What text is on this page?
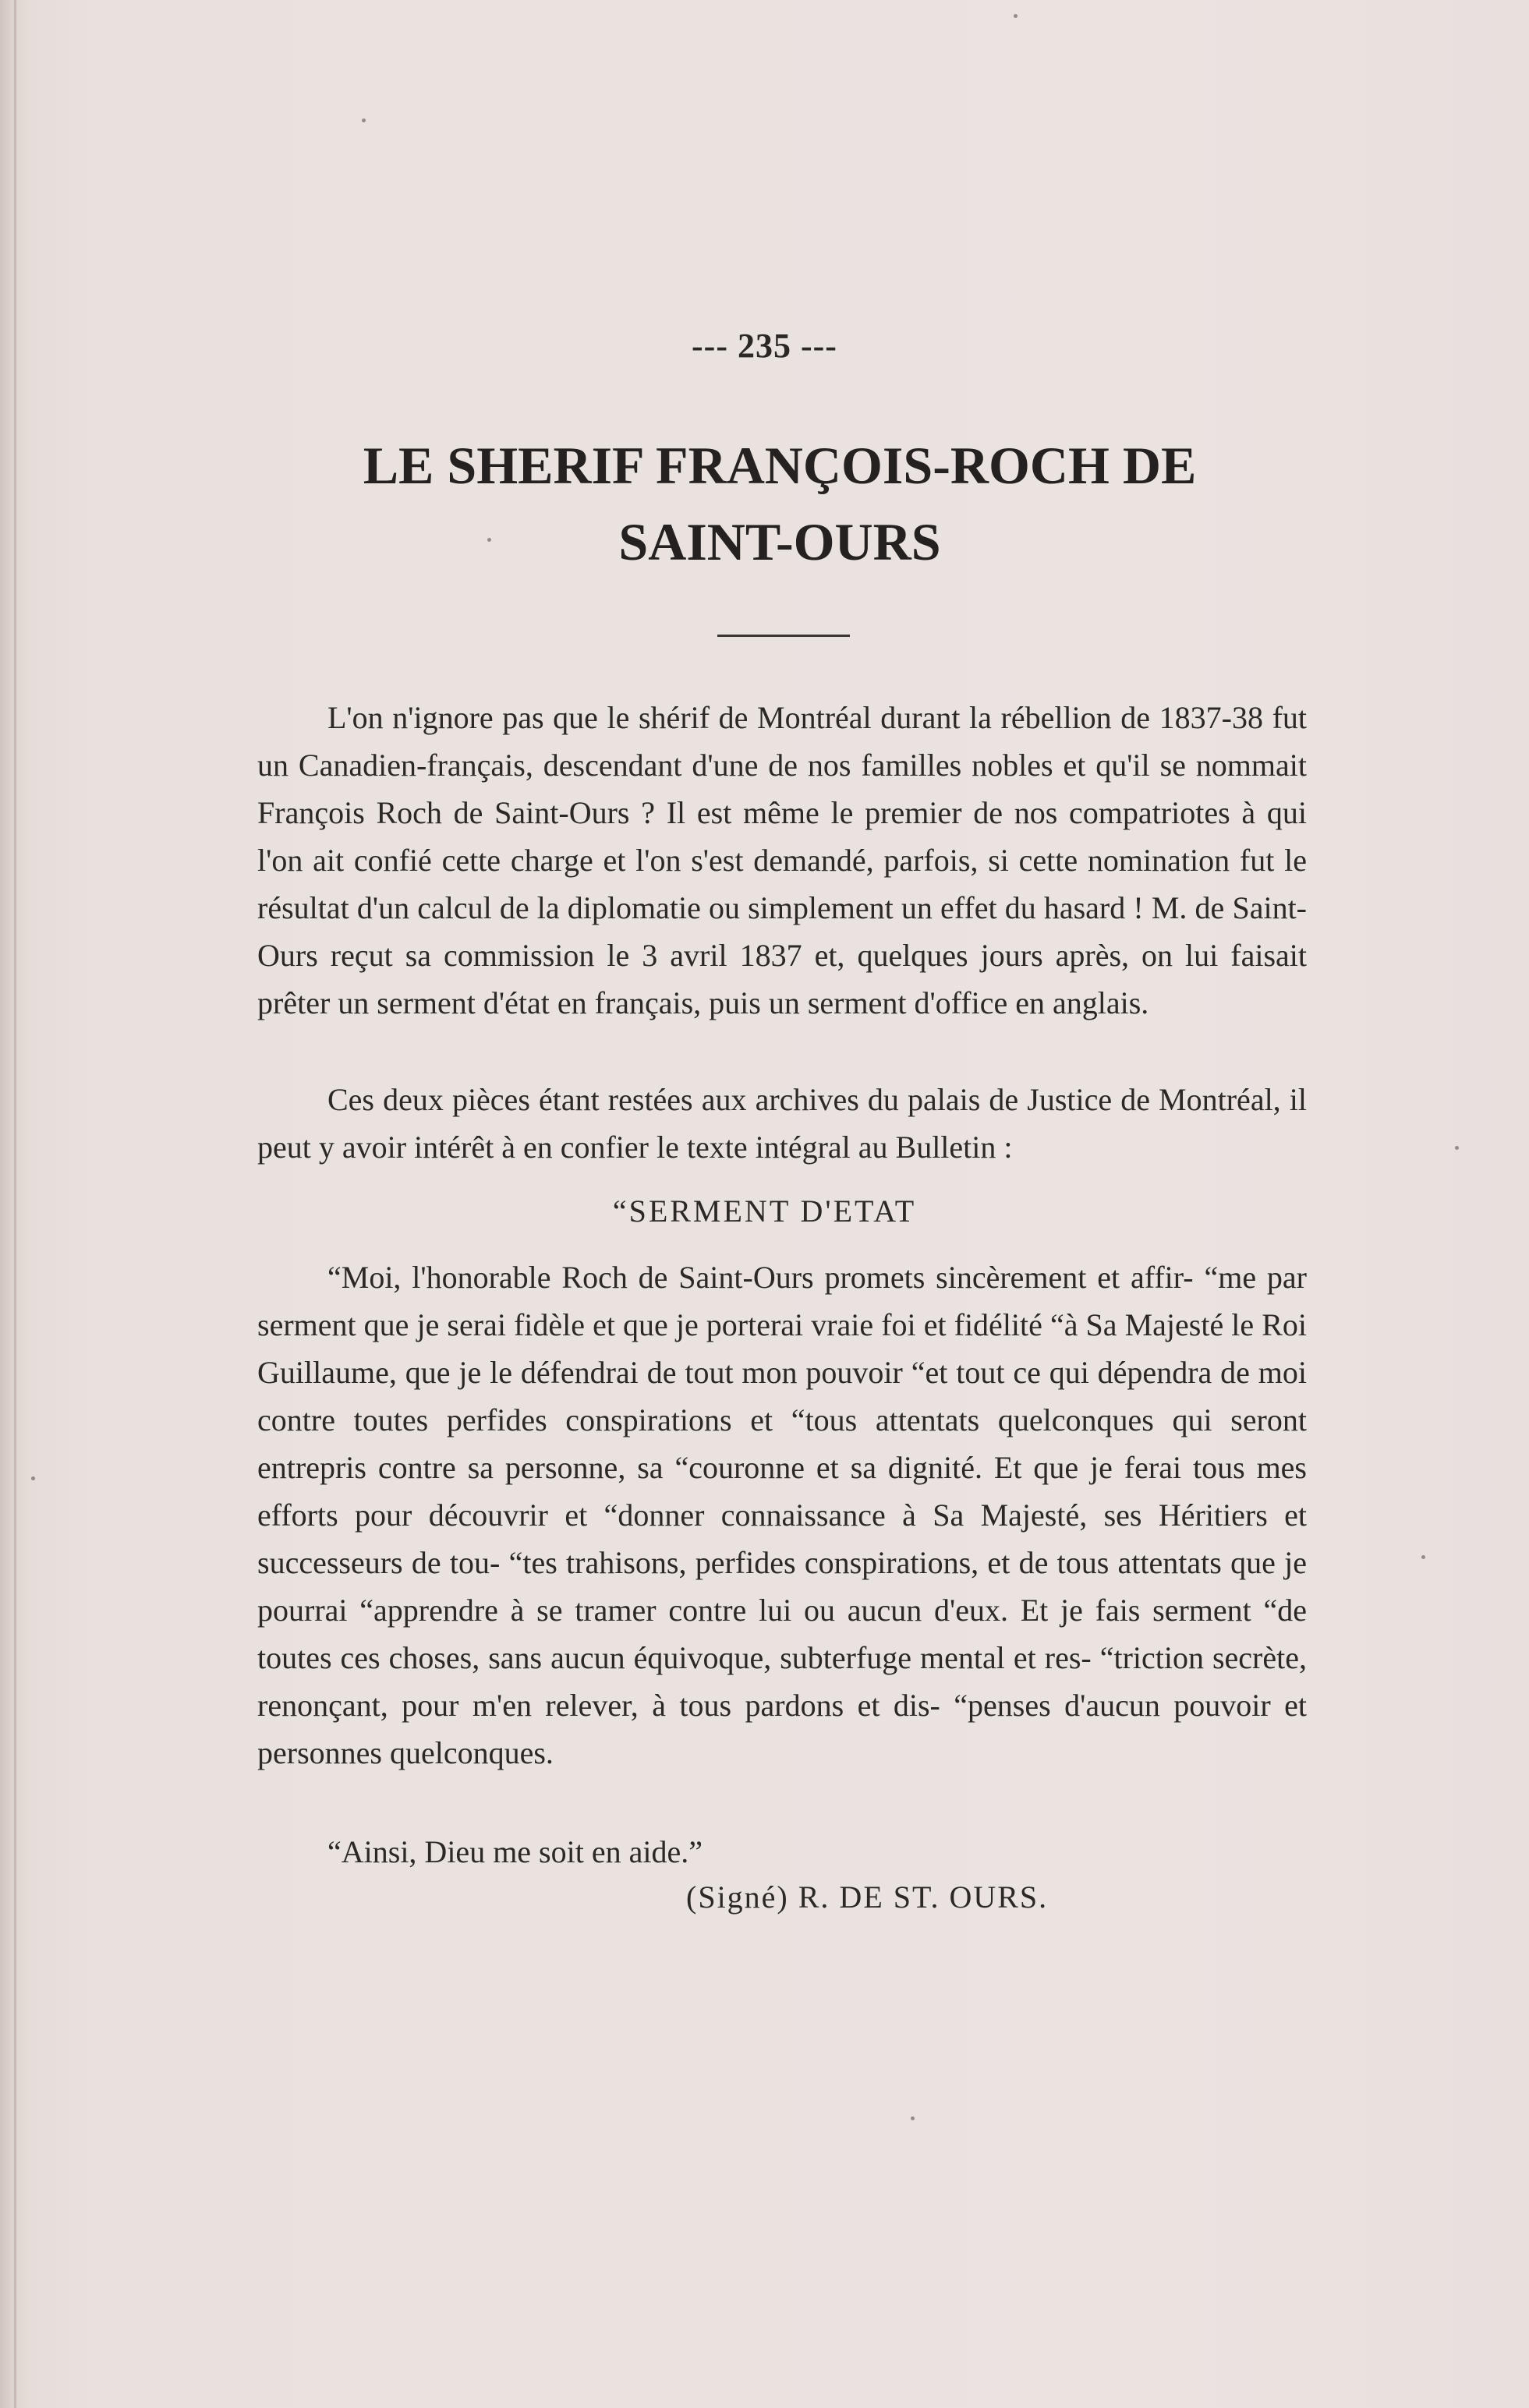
--- 235 ---
LE SHERIF FRANÇOIS-ROCH DE
SAINT-OURS

L'on n'ignore pas que le shérif de Montréal durant la rébellion de 1837-38 fut un Canadien-français, descendant d'une de nos familles nobles et qu'il se nommait François Roch de Saint-Ours ? Il est même le premier de nos compatriotes à qui l'on ait confié cette charge et l'on s'est demandé, parfois, si cette nomination fut le résultat d'un calcul de la diplomatie ou simplement un effet du hasard ! M. de Saint-Ours reçut sa commission le 3 avril 1837 et, quelques jours après, on lui faisait prêter un serment d'état en français, puis un serment d'office en anglais.

Ces deux pièces étant restées aux archives du palais de Justice de Montréal, il peut y avoir intérêt à en confier le texte intégral au Bulletin :

“SERMENT D'ETAT

“Moi, l'honorable Roch de Saint-Ours promets sincèrement et affir- “me par serment que je serai fidèle et que je porterai vraie foi et fidélité “à Sa Majesté le Roi Guillaume, que je le défendrai de tout mon pouvoir “et tout ce qui dépendra de moi contre toutes perfides conspirations et “tous attentats quelconques qui seront entrepris contre sa personne, sa “couronne et sa dignité. Et que je ferai tous mes efforts pour découvrir et “donner connaissance à Sa Majesté, ses Héritiers et successeurs de tou- “tes trahisons, perfides conspirations, et de tous attentats que je pourrai “apprendre à se tramer contre lui ou aucun d'eux. Et je fais serment “de toutes ces choses, sans aucun équivoque, subterfuge mental et res- “triction secrète, renonçant, pour m'en relever, à tous pardons et dis- “penses d'aucun pouvoir et personnes quelconques.

“Ainsi, Dieu me soit en aide.”

(Signé) R. DE ST. OURS.
